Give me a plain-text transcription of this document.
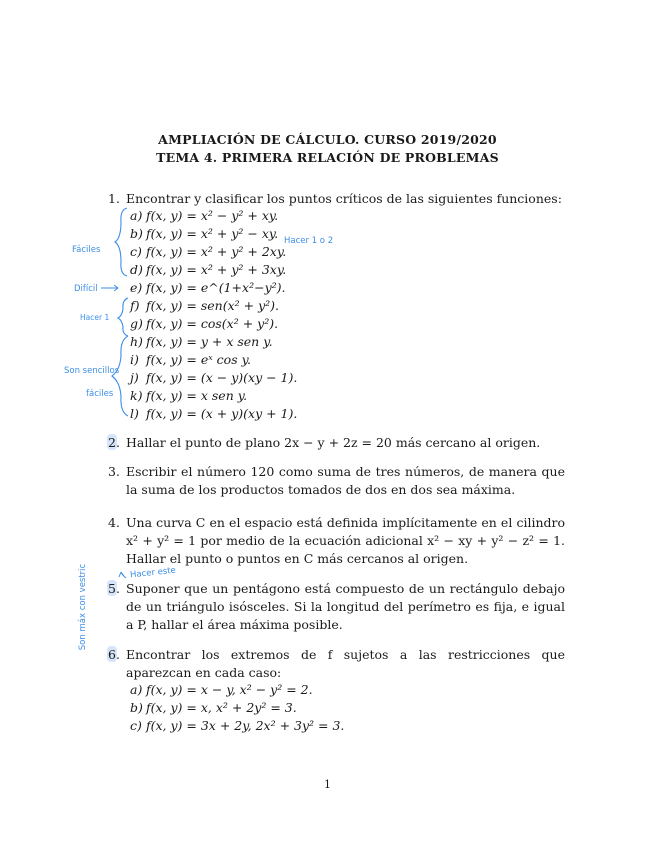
AMPLIACIÓN DE CÁLCULO. CURSO 2019/2020
TEMA 4. PRIMERA RELACIÓN DE PROBLEMAS
1. Encontrar y clasificar los puntos críticos de las siguientes funciones:
a) f(x, y) = x² − y² + xy.
b) f(x, y) = x² + y² − xy.
c) f(x, y) = x² + y² + 2xy.
d) f(x, y) = x² + y² + 3xy.
e) f(x, y) = e^(1+x²−y²).
f) f(x, y) = sen(x² + y²).
g) f(x, y) = cos(x² + y²).
h) f(x, y) = y + x sen y.
i) f(x, y) = eˣ cos y.
j) f(x, y) = (x − y)(xy − 1).
k) f(x, y) = x sen y.
l) f(x, y) = (x + y)(xy + 1).
2. Hallar el punto de plano 2x − y + 2z = 20 más cercano al origen.
3. Escribir el número 120 como suma de tres números, de manera que la suma de los productos tomados de dos en dos sea máxima.
4. Una curva C en el espacio está definida implícitamente en el cilindro x² + y² = 1 por medio de la ecuación adicional x² − xy + y² − z² = 1. Hallar el punto o puntos en C más cercanos al origen.
5. Suponer que un pentágono está compuesto de un rectángulo debajo de un triángulo isósceles. Si la longitud del perímetro es fija, e igual a P, hallar el área máxima posible.
6. Encontrar los extremos de f sujetos a las restricciones que aparezcan en cada caso:
a) f(x, y) = x − y, x² − y² = 2.
b) f(x, y) = x, x² + 2y² = 3.
c) f(x, y) = 3x + 2y, 2x² + 3y² = 3.
Fáciles
Hacer 1 o 2
Difícil
Hacer 1
Son sencillos
fáciles
Hacer este
Son máx con vestric
1
